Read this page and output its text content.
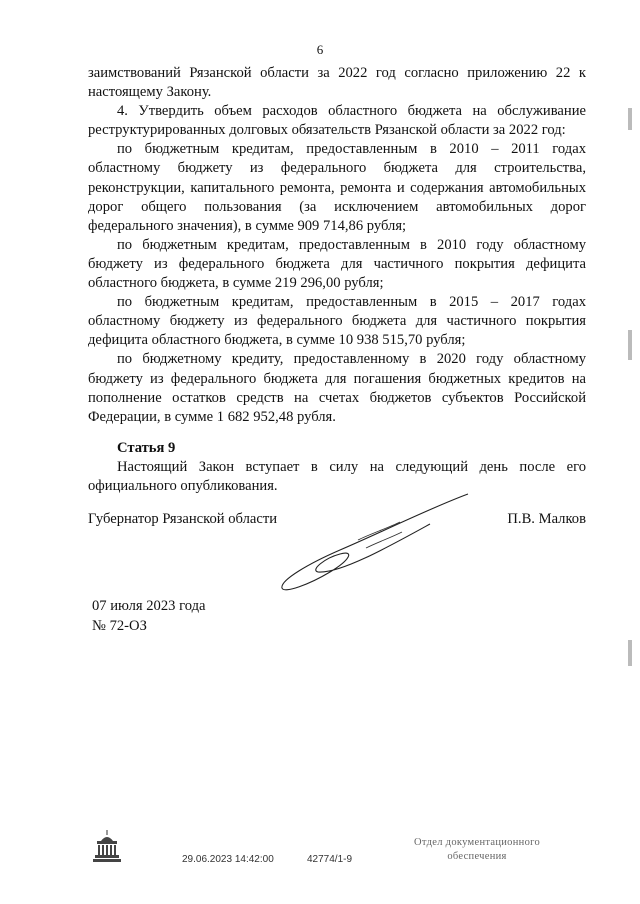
6

заимствований Рязанской области за 2022 год согласно приложению 22 к настоящему Закону.

4. Утвердить объем расходов областного бюджета на обслуживание реструктурированных долговых обязательств Рязанской области за 2022 год:

по бюджетным кредитам, предоставленным в 2010 – 2011 годах областному бюджету из федерального бюджета для строительства, реконструкции, капитального ремонта, ремонта и содержания автомобильных дорог общего пользования (за исключением автомобильных дорог федерального значения), в сумме 909 714,86 рубля;

по бюджетным кредитам, предоставленным в 2010 году областному бюджету из федерального бюджета для частичного покрытия дефицита областного бюджета, в сумме 219 296,00 рубля;

по бюджетным кредитам, предоставленным в 2015 – 2017 годах областному бюджету из федерального бюджета для частичного покрытия дефицита областного бюджета, в сумме 10 938 515,70 рубля;

по бюджетному кредиту, предоставленному в 2020 году областному бюджету из федерального бюджета для погашения бюджетных кредитов на пополнение остатков средств на счетах бюджетов субъектов Российской Федерации, в сумме 1 682 952,48 рубля.

Статья 9

Настоящий Закон вступает в силу на следующий день после его официального опубликования.

Губернатор Рязанской области	П.В. Малков
07 июля 2023 года
№ 72-ОЗ
29.06.2023 14:42:00	42774/1-9
Отдел документационного
обеспечения
